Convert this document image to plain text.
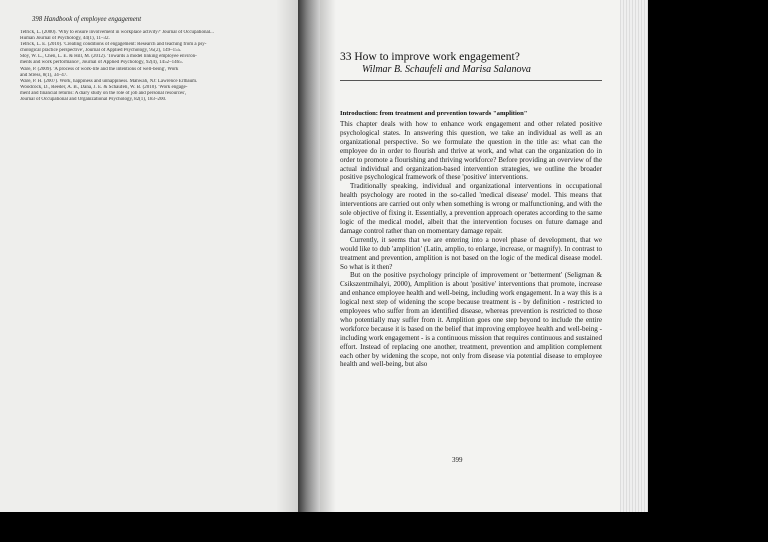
398 Handbook of employee engagement
Tetrick, L. (2000). 'Why to ensure involvement in workplace activity?' Journal of Occupational...
Human Journal of Psychology, 44(1), 11–32.
Tetrick, L. E. (2010). 'Creating conditions of engagement: Research and teaching from a psy-
chological practice perspective', Journal of Applied Psychology, 95(2), 149–155.
Stoy, W. L., Chen, L. E. & Hill, M. (2012). 'Towards a model linking employee environ-
ments and work performance', Journal of Applied Psychology, 92(4), 1452–1465.
Ware, P. (2009). 'A process of work-life and the intentions of well-being', Work
and Stress, 8(1), 34–47.
Ware, P. H. (2007). Work, happiness and unhappiness. Mahwah, NJ: Lawrence Erlbaum.
Woodcock, D., Reeder, A. B., Dana, J. E. & Schaufeli, W. B. (2010). 'Work engage-
ment and financial returns: A diary study on the role of job and personal resources',
Journal of Occupational and Organizational Psychology, 82(1), 183–200.
33 How to improve work engagement?
Wilmar B. Schaufeli and Marisa Salanova
Introduction: from treatment and prevention towards "amplition"

This chapter deals with how to enhance work engagement and other related positive psychological states. In answering this question, we take an individual as well as an organizational perspective. So we formulate the question in the title as: what can the employee do in order to flourish and thrive at work, and what can the organization do in order to promote a flourishing and thriving workforce? Before providing an overview of the actual individual and organization-based intervention strategies, we outline the broader positive psychological framework of these 'positive' interventions.

Traditionally speaking, individual and organizational interventions in occupational health psychology are rooted in the so-called 'medical disease' model. This means that interventions are carried out only when something is wrong or malfunctioning, and with the sole objective of fixing it. Essentially, a prevention approach operates according to the same logic of the medical model, albeit that the intervention focuses on future damage and damage control rather than on momentary damage repair.

Currently, it seems that we are entering into a novel phase of development, that we would like to dub 'amplition' (Latin, amplio, to enlarge, increase, or magnify). In contrast to treatment and prevention, amplition is not based on the logic of the medical disease model. So what is it then?

But on the positive psychology principle of improvement or 'betterment' (Seligman & Csikszentmihalyi, 2000), Amplition is about 'positive' interventions that promote, increase and enhance employee health and well-being, including work engagement. In a way this is a logical next step of widening the scope because treatment is - by definition - restricted to employees who suffer from an identified disease, whereas prevention is restricted to those who potentially may suffer from it. Amplition goes one step beyond to include the entire workforce because it is based on the belief that improving employee health and well-being - including work engagement - is a continuous mission that requires continuous and sustained effort. Instead of replacing one another, treatment, prevention and amplition complement each other by widening the scope, not only from disease via potential disease to employee health and well-being, but also

399
